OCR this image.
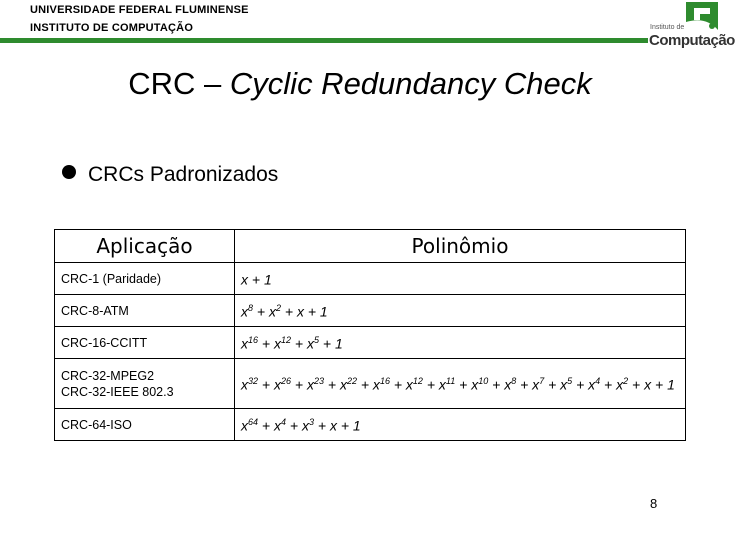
UNIVERSIDADE FEDERAL FLUMINENSE
INSTITUTO DE COMPUTAÇÃO	Instituto de
Computação
CRC – Cyclic Redundancy Check
CRCs Padronizados
Aplicação	Polinômio

CRC-1 (Paridade)	x + 1

CRC-8-ATM	$x^8 + x^2 + x + 1$

CRC-16-CCITT	$x^{16} + x^{12} + x^5 + 1$

CRC-32-MPEG2
CRC-32-IEEE 802.3	$x^{32} + x^{26} + x^{23} + x^{22} + x^{16} + x^{12} + x^{11} + x^{10} + x^8 + x^7 + x^5 + x^4 + x^2 + x + 1$

CRC-64-ISO	$x^{64} + x^4 + x^3 + x + 1$
8
